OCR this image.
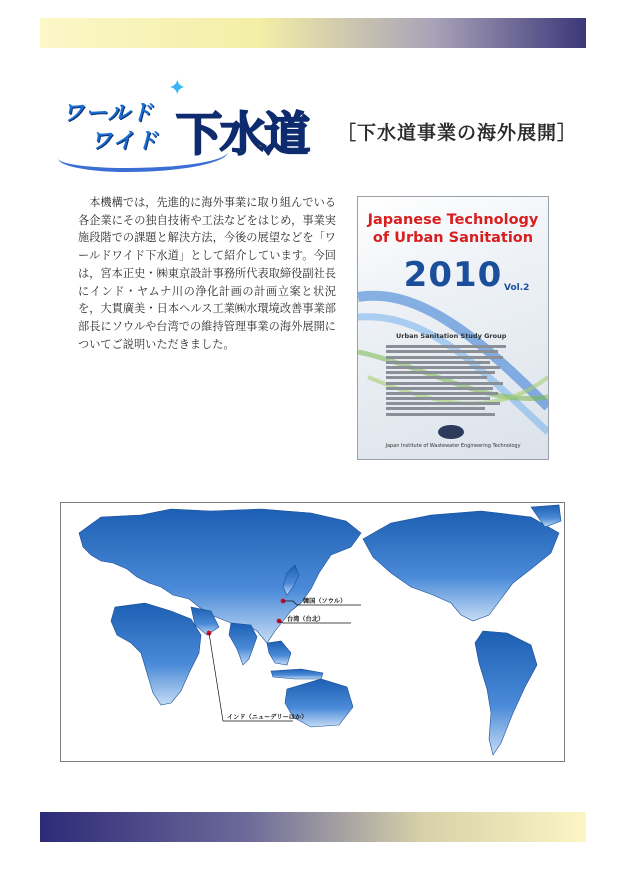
✦
ワールド
ワイド 下水道 ［下水道事業の海外展開］

本機構では，先進的に海外事業に取り組んでいる各企業にその独自技術や工法などをはじめ，事業実施段階での課題と解決方法，今後の展望などを「ワールドワイド下水道」として紹介しています。今回は，宮本正史・㈱東京設計事務所代表取締役副社長にインド・ヤムナ川の浄化計画の計画立案と状況を，大貫廣美・日本ヘルス工業㈱水環境改善事業部部長にソウルや台湾での維持管理事業の海外展開についてご説明いただきました。

Japanese Technology
of Urban Sanitation
2010 Vol.2
Urban Sanitation Study Group
Japan Institute of Wastewater Engineering Technology
韓国（ソウル）
台湾（台北）
インド（ニューデリーほか）
